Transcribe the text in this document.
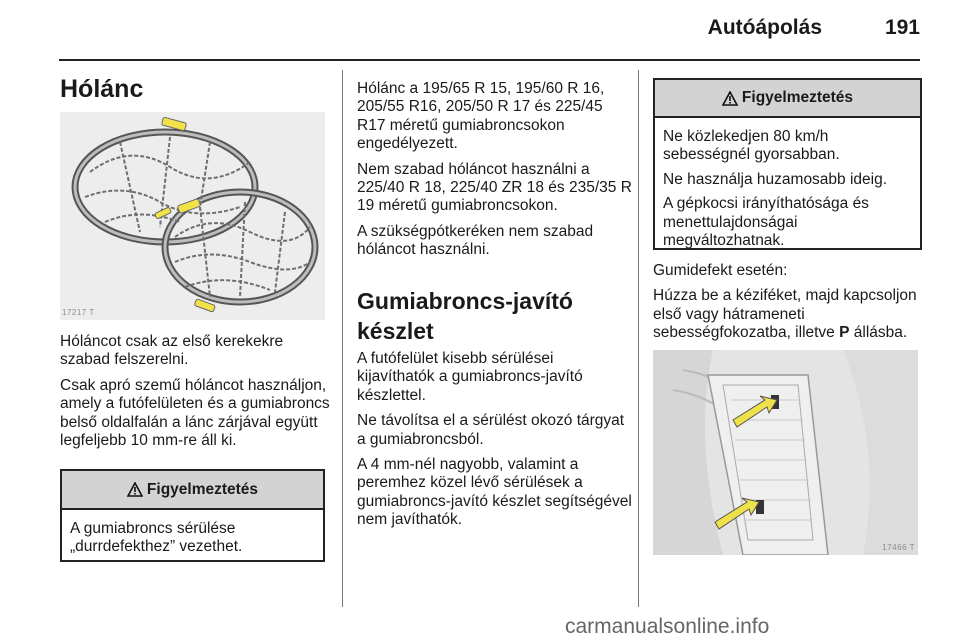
Autóápolás	191
Hólánc
17217 T

Hóláncot csak az első kerekekre szabad felszerelni.

Csak apró szemű hóláncot használjon, amely a futófelületen és a gumiabroncs belső oldalfalán a lánc zárjával együtt legfeljebb 10 mm-re áll ki.

Figyelmeztetés

A gumiabroncs sérülése „durrdefekthez” vezethet.

Hólánc a 195/65 R 15, 195/60 R 16, 205/55 R16, 205/50 R 17 és 225/45 R17 méretű gumiabroncsokon engedélyezett.

Nem szabad hóláncot használni a 225/40 R 18, 225/40 ZR 18 és 235/35 R 19 méretű gumiabroncsokon.

A szükségpótkeréken nem szabad hóláncot használni.

Gumiabroncs-javító készlet

A futófelület kisebb sérülései kijavíthatók a gumiabroncs-javító készlettel.

Ne távolítsa el a sérülést okozó tárgyat a gumiabroncsból.

A 4 mm-nél nagyobb, valamint a peremhez közel lévő sérülések a gumiabroncs-javító készlet segítségével nem javíthatók.

Figyelmeztetés

Ne közlekedjen 80 km/h sebességnél gyorsabban.

Ne használja huzamosabb ideig.

A gépkocsi irányíthatósága és menettulajdonságai megváltozhatnak.

Gumidefekt esetén:

Húzza be a kéziféket, majd kapcsoljon első vagy hátrameneti sebességfokozatba, illetve P állásba.

17466 T
carmanualsonline.info
